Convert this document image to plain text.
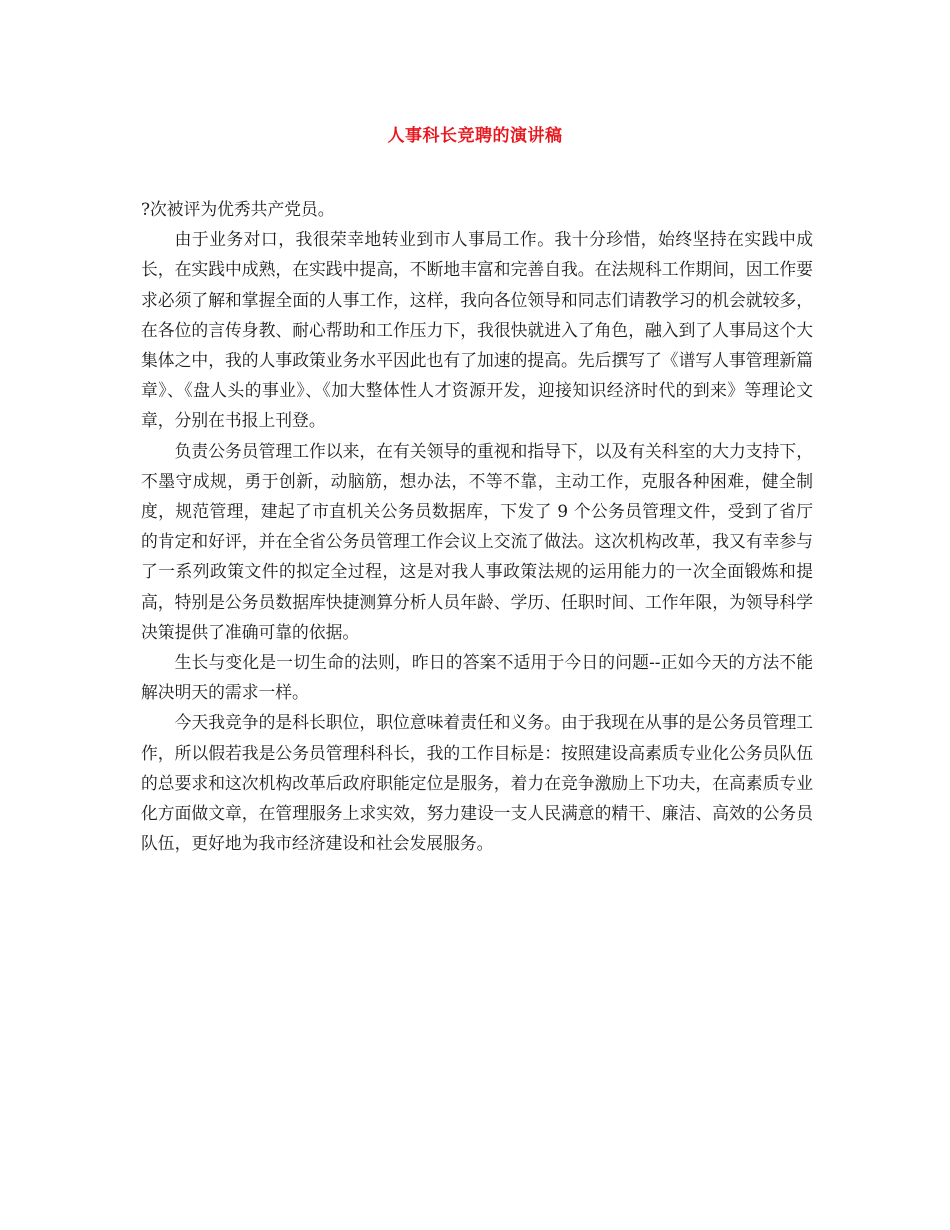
人事科长竞聘的演讲稿

?次被评为优秀共产党员。

由于业务对口，我很荣幸地转业到市人事局工作。我十分珍惜，始终坚持在实践中成长，在实践中成熟，在实践中提高，不断地丰富和完善自我。在法规科工作期间，因工作要求必须了解和掌握全面的人事工作，这样，我向各位领导和同志们请教学习的机会就较多，在各位的言传身教、耐心帮助和工作压力下，我很快就进入了角色，融入到了人事局这个大集体之中，我的人事政策业务水平因此也有了加速的提高。先后撰写了《谱写人事管理新篇章》、《盘人头的事业》、《加大整体性人才资源开发，迎接知识经济时代的到来》等理论文章，分别在书报上刊登。

负责公务员管理工作以来，在有关领导的重视和指导下，以及有关科室的大力支持下，不墨守成规，勇于创新，动脑筋，想办法，不等不靠，主动工作，克服各种困难，健全制度，规范管理，建起了市直机关公务员数据库，下发了 9 个公务员管理文件，受到了省厅的肯定和好评，并在全省公务员管理工作会议上交流了做法。这次机构改革，我又有幸参与了一系列政策文件的拟定全过程，这是对我人事政策法规的运用能力的一次全面锻炼和提高，特别是公务员数据库快捷测算分析人员年龄、学历、任职时间、工作年限，为领导科学决策提供了准确可靠的依据。

生长与变化是一切生命的法则，昨日的答案不适用于今日的问题--正如今天的方法不能解决明天的需求一样。

今天我竞争的是科长职位，职位意味着责任和义务。由于我现在从事的是公务员管理工作，所以假若我是公务员管理科科长，我的工作目标是：按照建设高素质专业化公务员队伍的总要求和这次机构改革后政府职能定位是服务，着力在竞争激励上下功夫，在高素质专业化方面做文章，在管理服务上求实效，努力建设一支人民满意的精干、廉洁、高效的公务员队伍，更好地为我市经济建设和社会发展服务。
